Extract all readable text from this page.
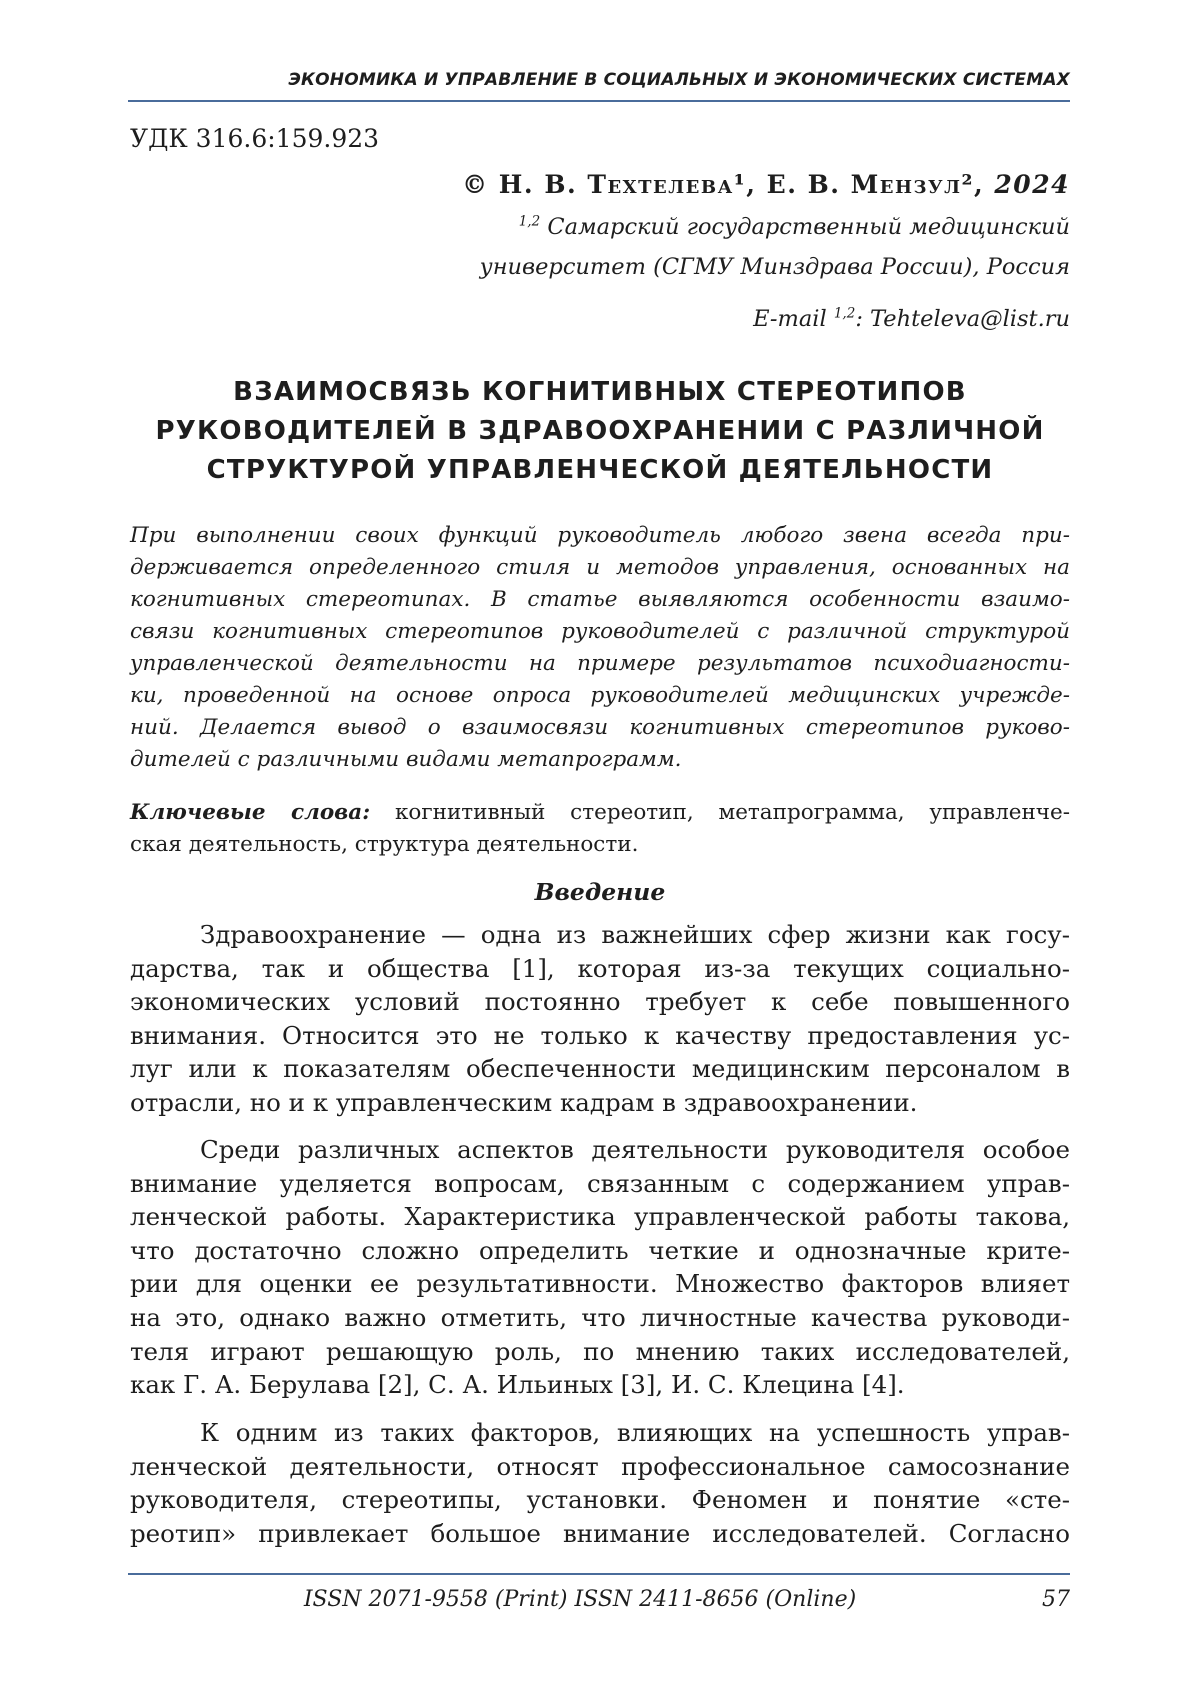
ЭКОНОМИКА И УПРАВЛЕНИЕ В СОЦИАЛЬНЫХ И ЭКОНОМИЧЕСКИХ СИСТЕМАХ
УДК 316.6:159.923
© Н. В. Техтелева¹, Е. В. Мензул², 2024
$^{1,2}$ Самарский государственный медицинский
университет (СГМУ Минздрава России), Россия
E-mail $^{1,2}$: Tehteleva@list.ru
ВЗАИМОСВЯЗЬ КОГНИТИВНЫХ СТЕРЕОТИПОВ
РУКОВОДИТЕЛЕЙ В ЗДРАВООХРАНЕНИИ С РАЗЛИЧНОЙ
СТРУКТУРОЙ УПРАВЛЕНЧЕСКОЙ ДЕЯТЕЛЬНОСТИ
При выполнении своих функций руководитель любого звена всегда при-
держивается определенного стиля и методов управления, основанных на
когнитивных стереотипах. В статье выявляются особенности взаимо-
связи когнитивных стереотипов руководителей с различной структурой
управленческой деятельности на примере результатов психодиагности-
ки, проведенной на основе опроса руководителей медицинских учрежде-
ний. Делается вывод о взаимосвязи когнитивных стереотипов руково-
дителей с различными видами метапрограмм.
Ключевые слова: когнитивный стереотип, метапрограмма, управленче-
ская деятельность, структура деятельности.
Введение
Здравоохранение — одна из важнейших сфер жизни как госу-
дарства, так и общества [1], которая из-за текущих социально-
экономических условий постоянно требует к себе повышенного
внимания. Относится это не только к качеству предоставления ус-
луг или к показателям обеспеченности медицинским персоналом в
отрасли, но и к управленческим кадрам в здравоохранении.
Среди различных аспектов деятельности руководителя особое
внимание уделяется вопросам, связанным с содержанием управ-
ленческой работы. Характеристика управленческой работы такова,
что достаточно сложно определить четкие и однозначные крите-
рии для оценки ее результативности. Множество факторов влияет
на это, однако важно отметить, что личностные качества руководи-
теля играют решающую роль, по мнению таких исследователей,
как Г. А. Берулава [2], С. А. Ильиных [3], И. С. Клецина [4].
К одним из таких факторов, влияющих на успешность управ-
ленческой деятельности, относят профессиональное самосознание
руководителя, стереотипы, установки. Феномен и понятие «сте-
реотип» привлекает большое внимание исследователей. Согласно
ISSN 2071-9558 (Print) ISSN 2411-8656 (Online)	57
